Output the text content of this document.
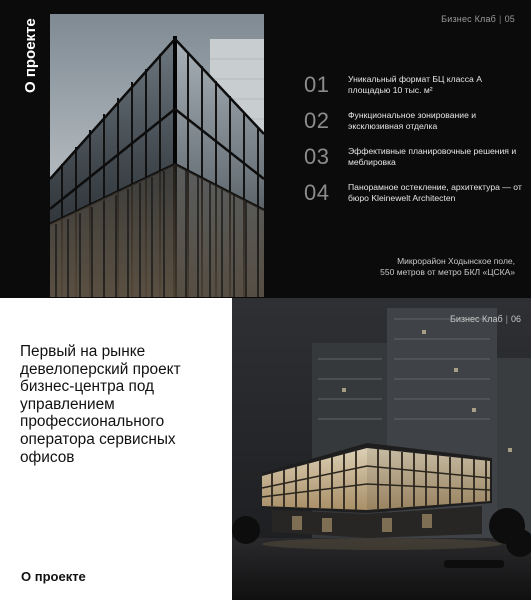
О проекте	Бизнес Клаб | 05
01 Уникальный формат БЦ класса А площадью 10 тыс. м²
02 Функциональное зонирование и эксклюзивная отделка
03 Эффективные планировочные решения и меблировка
04 Панорамное остекление, архитектура — от бюро Kleinewelt Architecten
Микрорайон Ходынское поле,
550 метров от метро БКЛ «ЦСКА»
Первый на рынке девелоперский проект бизнес-центра под управлением профессионального оператора сервисных офисов
О проекте
Бизнес Клаб | 06
